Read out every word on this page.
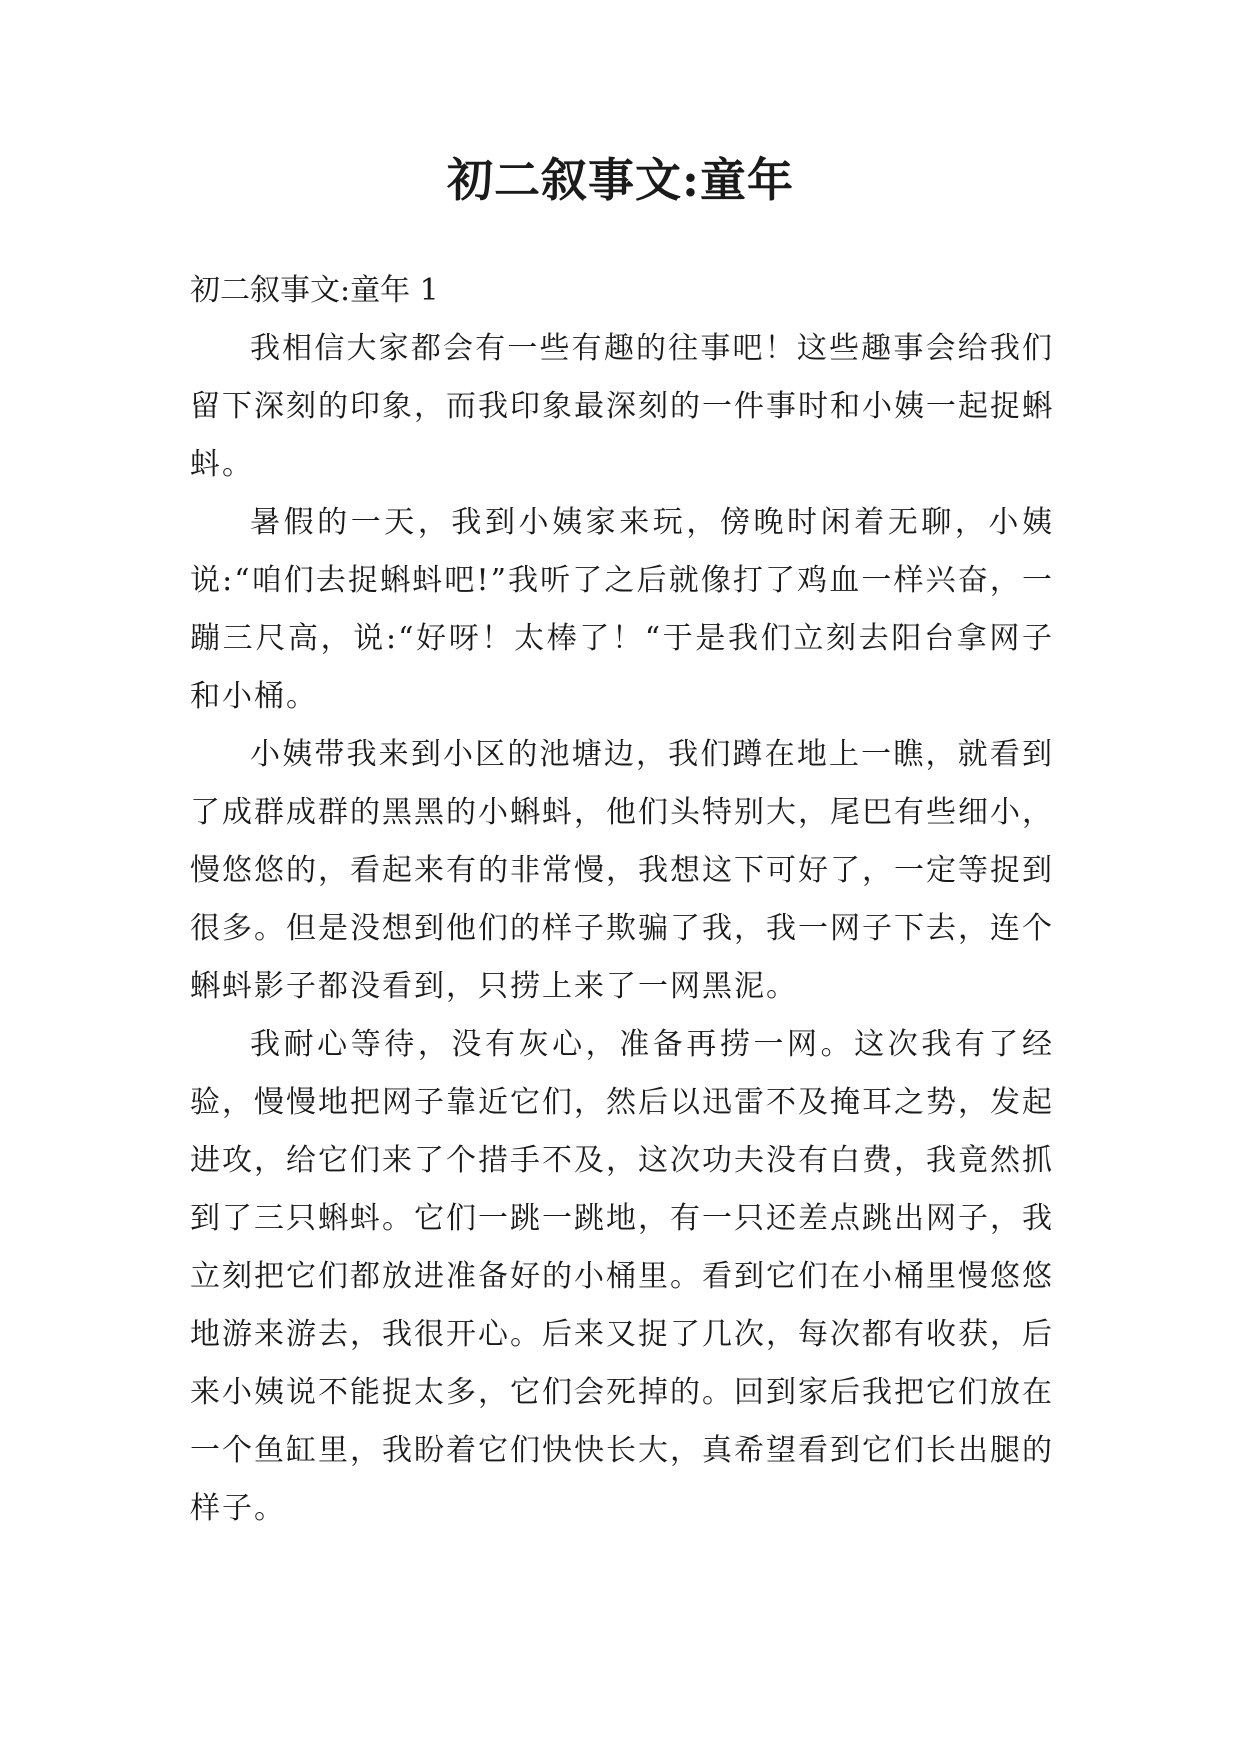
初二叙事文:童年

初二叙事文:童年 1

我相信大家都会有一些有趣的往事吧！这些趣事会给我们留下深刻的印象，而我印象最深刻的一件事时和小姨一起捉蝌蚪。

暑假的一天，我到小姨家来玩，傍晚时闲着无聊，小姨说:“咱们去捉蝌蚪吧!”我听了之后就像打了鸡血一样兴奋，一蹦三尺高，说:“好呀！太棒了！“于是我们立刻去阳台拿网子和小桶。

小姨带我来到小区的池塘边，我们蹲在地上一瞧，就看到了成群成群的黑黑的小蝌蚪，他们头特别大，尾巴有些细小，慢悠悠的，看起来有的非常慢，我想这下可好了，一定等捉到很多。但是没想到他们的样子欺骗了我，我一网子下去，连个蝌蚪影子都没看到，只捞上来了一网黑泥。

我耐心等待，没有灰心，准备再捞一网。这次我有了经验，慢慢地把网子靠近它们，然后以迅雷不及掩耳之势，发起进攻，给它们来了个措手不及，这次功夫没有白费，我竟然抓到了三只蝌蚪。它们一跳一跳地，有一只还差点跳出网子，我立刻把它们都放进准备好的小桶里。看到它们在小桶里慢悠悠地游来游去，我很开心。后来又捉了几次，每次都有收获，后来小姨说不能捉太多，它们会死掉的。回到家后我把它们放在一个鱼缸里，我盼着它们快快长大，真希望看到它们长出腿的样子。
